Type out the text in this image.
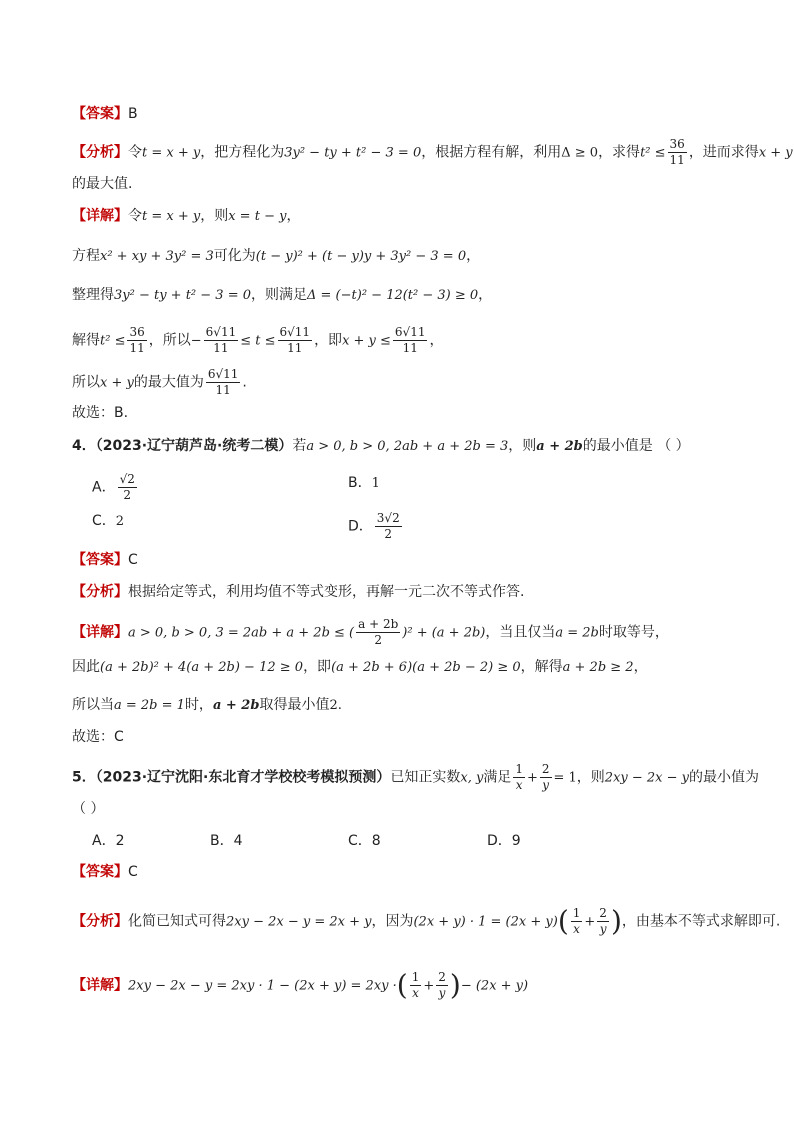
【答案】B
【分析】令t = x + y，把方程化为3y² − ty + t² − 3 = 0，根据方程有解，利用Δ ≥ 0，求得$t^2 \le \frac{36}{11}$ ，进而求得x + y
的最大值.
【详解】令t = x + y，则x = t − y，
方程x² + xy + 3y² = 3可化为(t − y)² + (t − y)y + 3y² − 3 = 0，
整理得3y² − ty + t² − 3 = 0，则满足Δ = (−t)² − 12(t² − 3) ≥ 0，
解得$t^2 \le \frac{36}{11}$ ，所以− $\frac{6√11}{11} \le t \le \frac{6√11}{11}$ ，即$x + y \le \frac{6√11}{11}$ ，
所以x + y的最大值为 $\frac{6√11}{11}$ .
故选：B.
4．（2023·辽宁葫芦岛·统考二模）若a > 0, b > 0, 2ab + a + 2b = 3，则a + 2b的最小值是 （ ）
A． $\frac{√2}{2}$	B．1
C．2	D． $\frac{3√2}{2}$
【答案】C
【分析】根据给定等式，利用均值不等式变形，再解一元二次不等式作答.
【详解】a > 0, b > 0, 3 = 2ab + a + 2b ≤ ( $\frac{a + 2b}{2} )^2 + (a + 2b)$，当且仅当a = 2b时取等号，
因此(a + 2b)² + 4(a + 2b) − 12 ≥ 0，即(a + 2b + 6)(a + 2b − 2) ≥ 0，解得a + 2b ≥ 2，
所以当a = 2b = 1时，a + 2b取得最小值2.
故选：C
5．（2023·辽宁沈阳·东北育才学校校考模拟预测）已知正实数x, y满足 $\frac{1}{x} + \frac{2}{y} = 1$，则2xy − 2x − y的最小值为
（ ）
A．2	B．4	C．8	D．9
【答案】C
【分析】化简已知式可得2xy − 2x − y = 2x + y，因为$(2x + y) \cdot 1 = (2x + y)( \frac{1}{x} + \frac{2}{y}$ )，由基本不等式求解即可.
【详解】2xy − 2x − y = 2xy · 1 − (2x + y) = 2xy ·( $\frac{1}{x} + \frac{2}{y}$ )− (2x + y)
